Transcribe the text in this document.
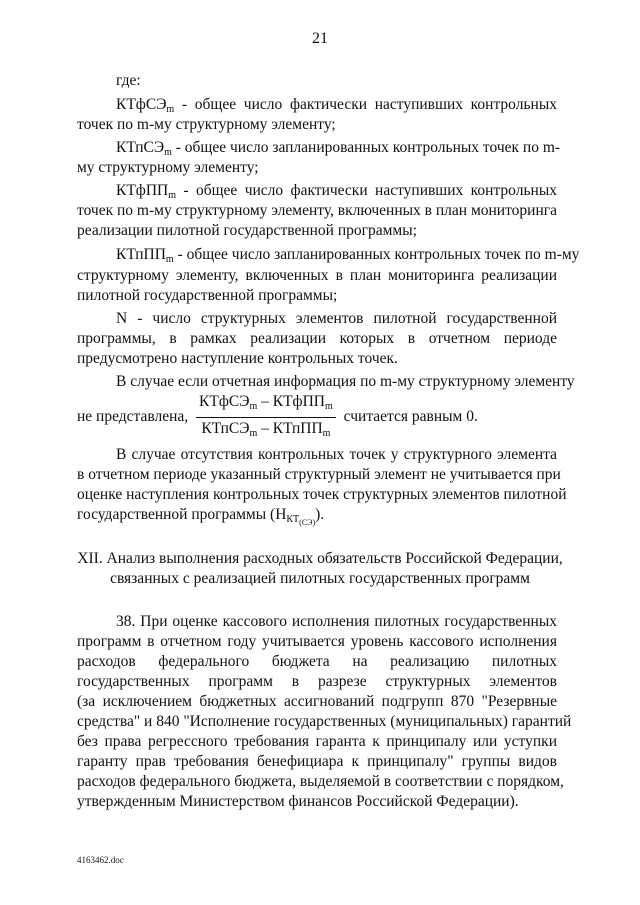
21
где:
КТфСЭ$_m$ - общее число фактически наступивших контрольных
точек по m-му структурному элементу;
КТпСЭ$_m$ - общее число запланированных контрольных точек по m-
му структурному элементу;
КТфПП$_m$ - общее число фактически наступивших контрольных
точек по m-му структурному элементу, включенных в план мониторинга
реализации пилотной государственной программы;
КТпПП$_m$ - общее число запланированных контрольных точек по m-му
структурному элементу, включенных в план мониторинга реализации
пилотной государственной программы;
N - число структурных элементов пилотной государственной
программы, в рамках реализации которых в отчетном периоде
предусмотрено наступление контрольных точек.
В случае если отчетная информация по m-му структурному элементу
не представлена, $\frac{КТфСЭ_m - КТфПП_m}{КТпСЭ_m - КТпПП_m}$ считается равным 0.
В случае отсутствия контрольных точек у структурного элемента
в отчетном периоде указанный структурный элемент не учитывается при
оценке наступления контрольных точек структурных элементов пилотной
государственной программы $(Н_{КТ_{(СЭ)}})$.
XII. Анализ выполнения расходных обязательств Российской Федерации,
связанных с реализацией пилотных государственных программ
38. При оценке кассового исполнения пилотных государственных
программ в отчетном году учитывается уровень кассового исполнения
расходов федерального бюджета на реализацию пилотных
государственных программ в разрезе структурных элементов
(за исключением бюджетных ассигнований подгрупп 870 "Резервные
средства" и 840 "Исполнение государственных (муниципальных) гарантий
без права регрессного требования гаранта к принципалу или уступки
гаранту прав требования бенефициара к принципалу" группы видов
расходов федерального бюджета, выделяемой в соответствии с порядком,
утвержденным Министерством финансов Российской Федерации).
4163462.doc
